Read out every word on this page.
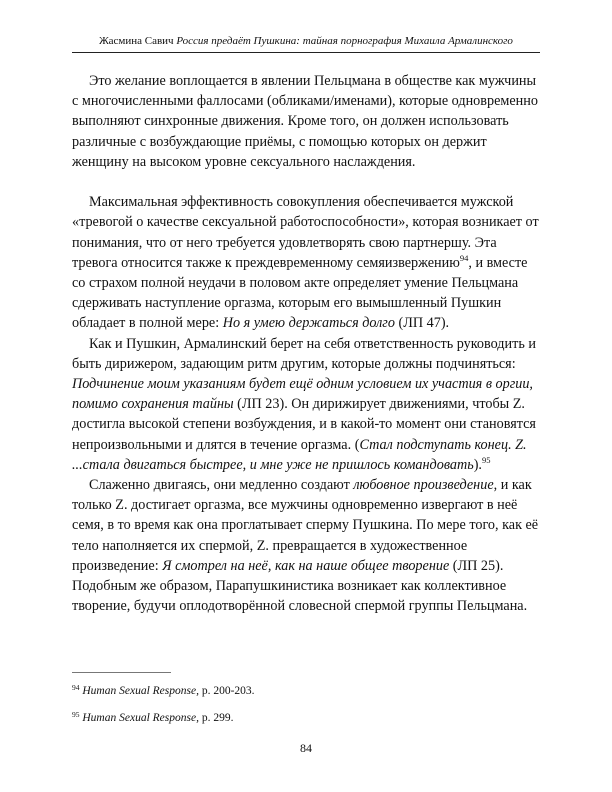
Жасмина Савич Россия предаёт Пушкина: тайная порнография Михаила Армалинского

Это желание воплощается в явлении Пельцмана в обществе как мужчины с многочисленными фаллосами (обликами/именами), которые одновременно выполняют синхронные движения. Кроме того, он должен использовать различные с возбуждающие приёмы, с помощью которых он держит женщину на высоком уровне сексуального наслаждения.

Максимальная эффективность совокупления обеспечивается мужской «тревогой о качестве сексуальной работоспособности», которая возникает от понимания, что от него требуется удовлетворять свою партнершу. Эта тревога относится также к преждевременному семяизвержению$^{94}$, и вместе со страхом полной неудачи в половом акте определяет умение Пельцмана сдерживать наступление оргазма, которым его вымышленный Пушкин обладает в полной мере: Но я умею держаться долго (ЛП 47).

Как и Пушкин, Армалинский берет на себя ответственность руководить и быть дирижером, задающим ритм другим, которые должны подчиняться: Подчинение моим указаниям будет ещё одним условием их участия в оргии, помимо сохранения тайны (ЛП 23). Он дирижирует движениями, чтобы Z. достигла высокой степени возбуждения, и в какой-то момент они становятся непроизвольными и длятся в течение оргазма. (Стал подступать конец. Z. ...стала двигаться быстрее, и мне уже не пришлось командовать).$^{95}$

Слаженно двигаясь, они медленно создают любовное произведение, и как только Z. достигает оргазма, все мужчины одновременно извергают в неё семя, в то время как она проглатывает сперму Пушкина. По мере того, как её тело наполняется их спермой, Z. превращается в художественное произведение: Я смотрел на неё, как на наше общее творение (ЛП 25). Подобным же образом, Парапушкинистика возникает как коллективное творение, будучи оплодотворённой словесной спермой группы Пельцмана.

$^{94}$ Human Sexual Response, p. 200-203.

$^{95}$ Human Sexual Response, p. 299.

84
